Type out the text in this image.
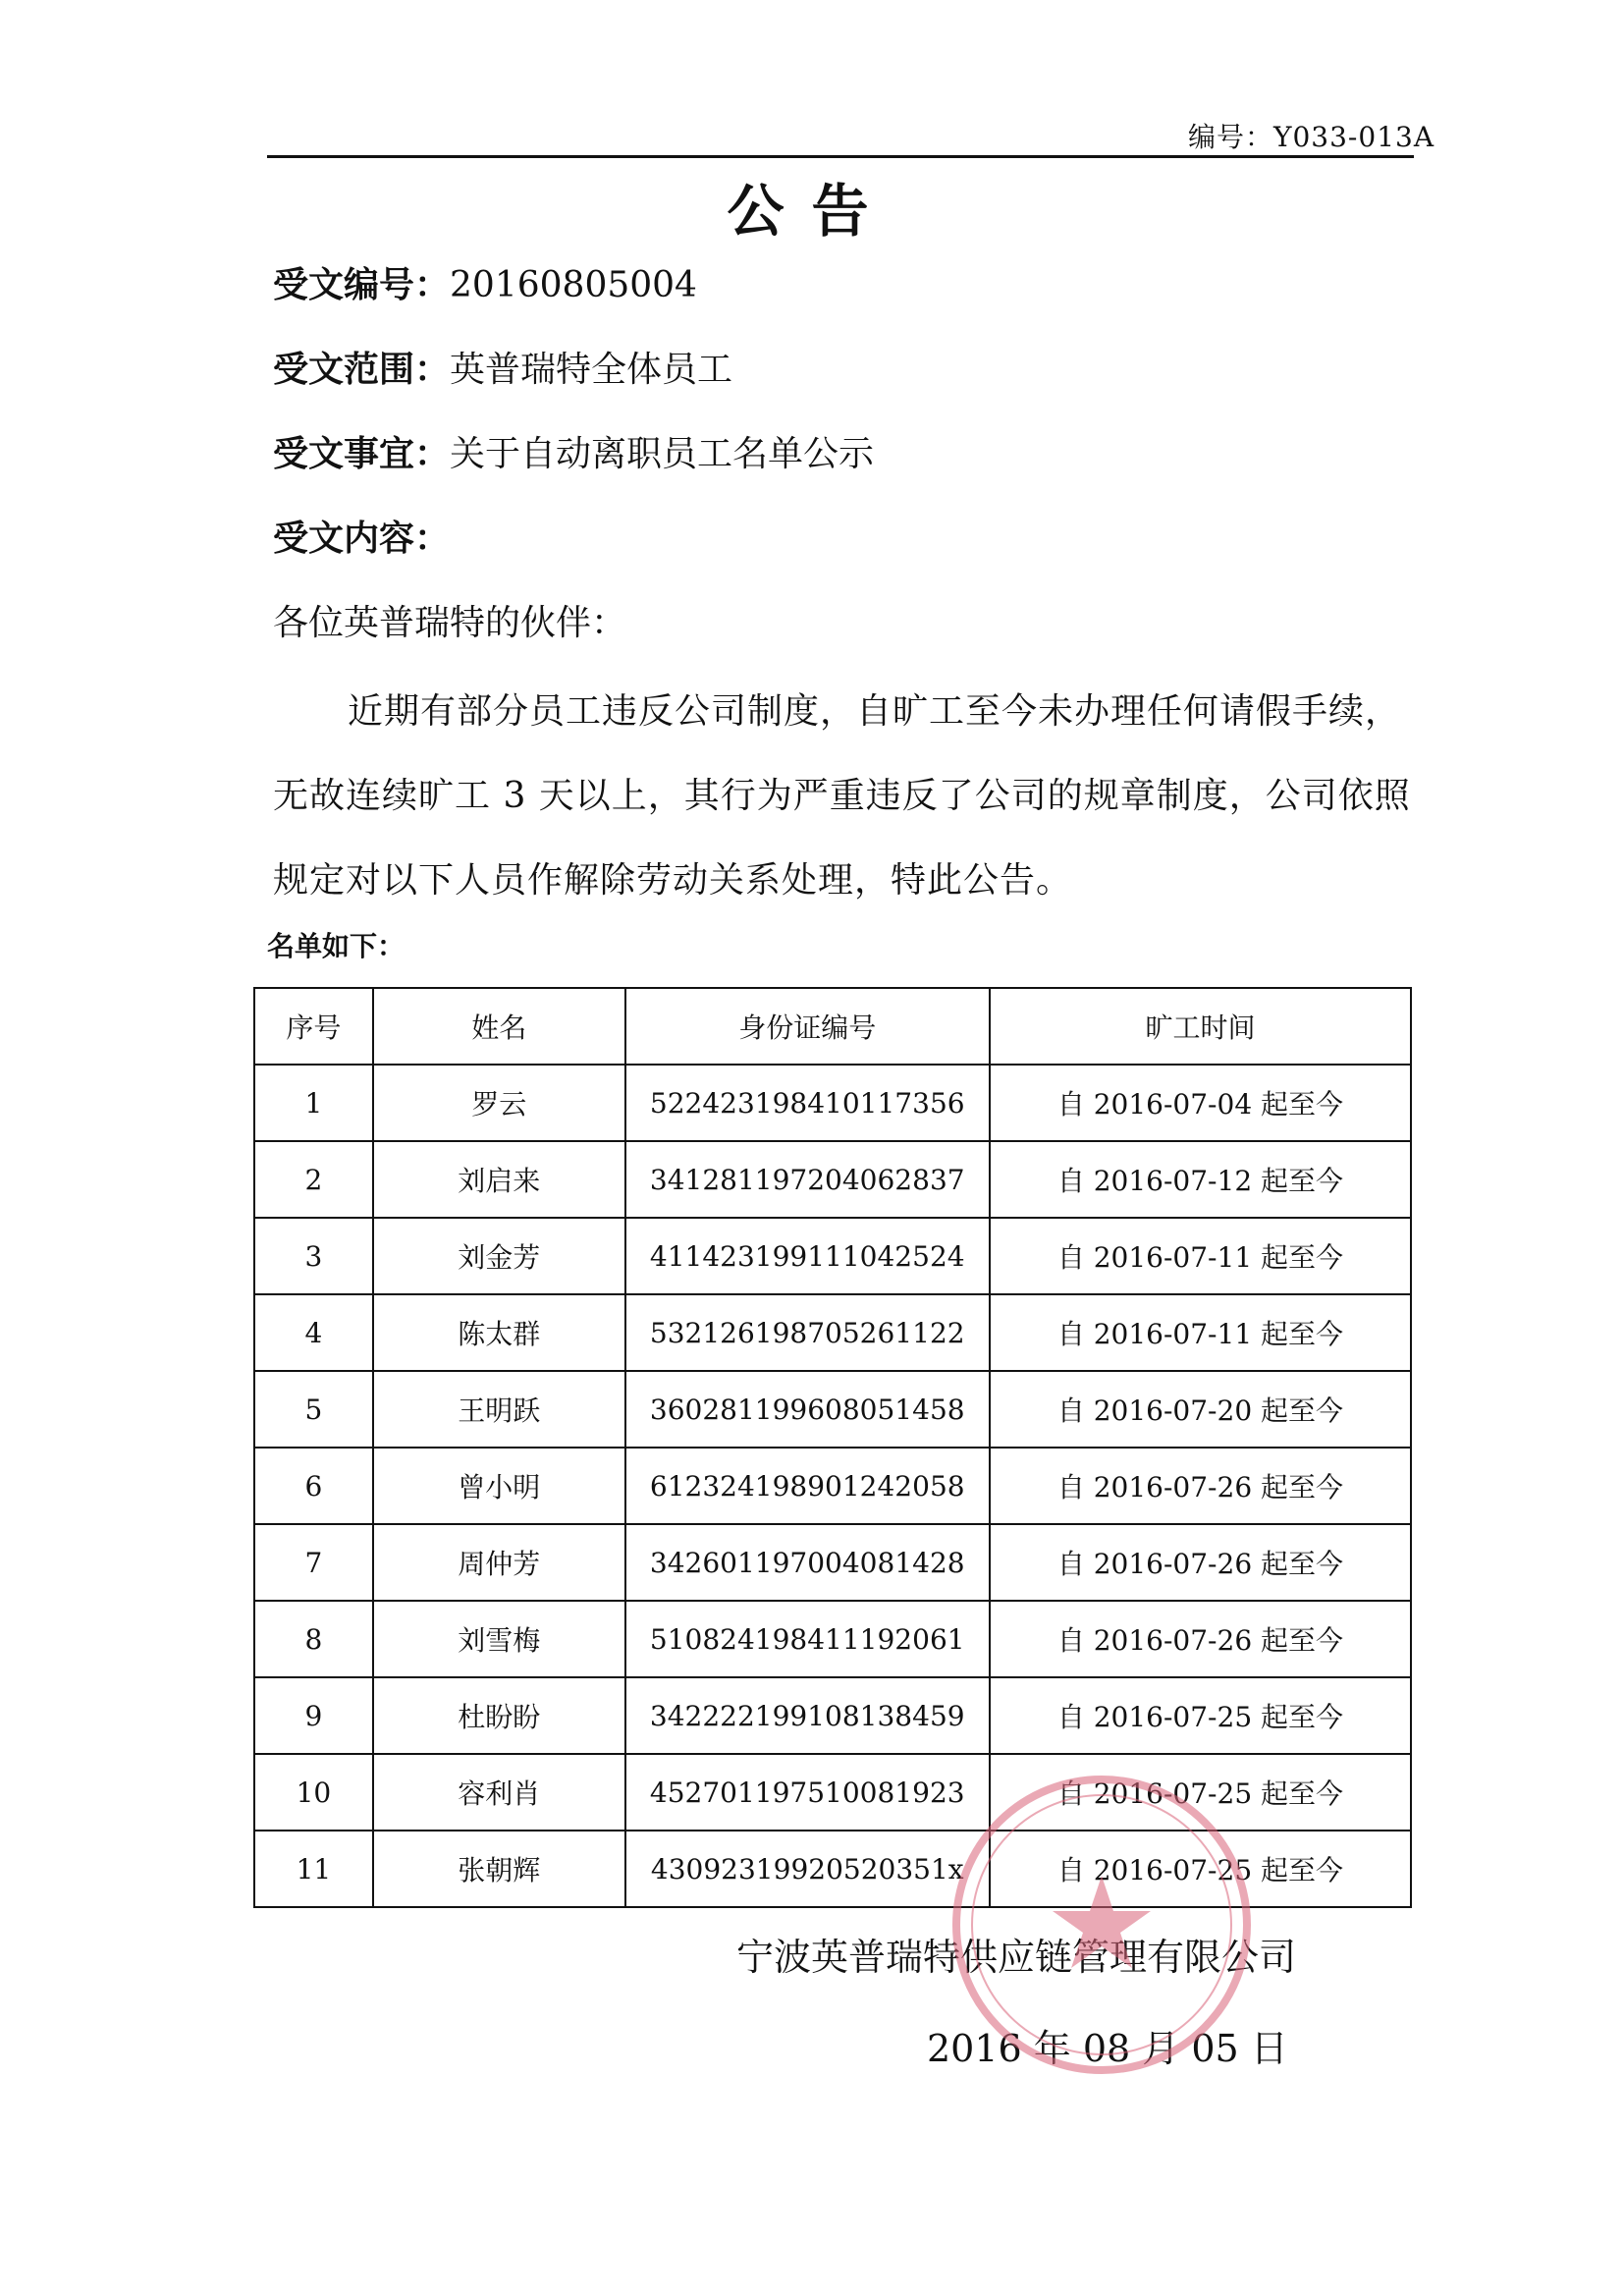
编号：Y033-013A
公告
受文编号：20160805004
受文范围：英普瑞特全体员工
受文事宜：关于自动离职员工名单公示
受文内容：
各位英普瑞特的伙伴：
近期有部分员工违反公司制度，自旷工至今未办理任何请假手续，无故连续旷工 3 天以上，其行为严重违反了公司的规章制度，公司依照规定对以下人员作解除劳动关系处理，特此公告。
名单如下：
序号	姓名	身份证编号	旷工时间
1	罗云	522423198410117356	自 2016-07-04 起至今
2	刘启来	341281197204062837	自 2016-07-12 起至今
3	刘金芳	411423199111042524	自 2016-07-11 起至今
4	陈太群	532126198705261122	自 2016-07-11 起至今
5	王明跃	360281199608051458	自 2016-07-20 起至今
6	曾小明	612324198901242058	自 2016-07-26 起至今
7	周仲芳	342601197004081428	自 2016-07-26 起至今
8	刘雪梅	510824198411192061	自 2016-07-26 起至今
9	杜盼盼	342222199108138459	自 2016-07-25 起至今
10	容利肖	452701197510081923	自 2016-07-25 起至今
11	张朝辉	43092319920520351x	自 2016-07-25 起至今
宁波英普瑞特供应链管理有限公司
2016 年 08 月 05 日
